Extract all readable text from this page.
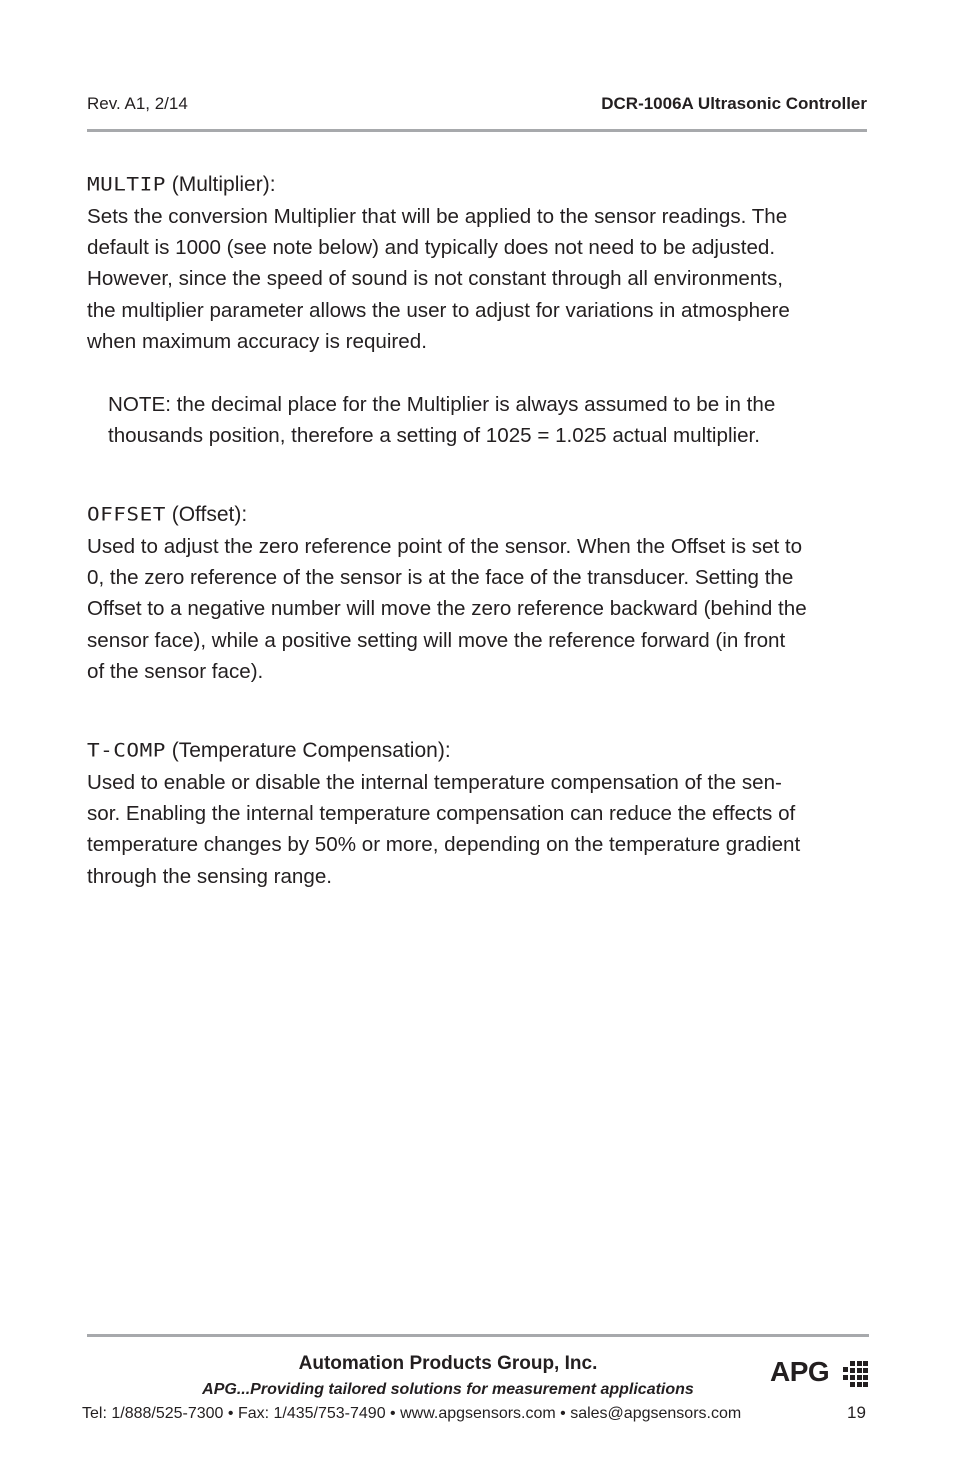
Rev. A1, 2/14	DCR-1006A Ultrasonic Controller
MULTIP (Multiplier):
Sets the conversion Multiplier that will be applied to the sensor readings. The
default is 1000 (see note below) and typically does not need to be adjusted.
However, since the speed of sound is not constant through all environments,
the multiplier parameter allows the user to adjust for variations in atmosphere
when maximum accuracy is required.
NOTE: the decimal place for the Multiplier is always assumed to be in the
thousands position, therefore a setting of 1025 = 1.025 actual multiplier.
OFFSET (Offset):
Used to adjust the zero reference point of the sensor. When the Offset is set to
0, the zero reference of the sensor is at the face of the transducer. Setting the
Offset to a negative number will move the zero reference backward (behind the
sensor face), while a positive setting will move the reference forward (in front
of the sensor face).
T-COMP (Temperature Compensation):
Used to enable or disable the internal temperature compensation of the sen-
sor. Enabling the internal temperature compensation can reduce the effects of
temperature changes by 50% or more, depending on the temperature gradient
through the sensing range.
Automation Products Group, Inc.
APG...Providing tailored solutions for measurement applications
Tel: 1/888/525-7300 • Fax: 1/435/753-7490 • www.apgsensors.com • sales@apgsensors.com	19
APG
